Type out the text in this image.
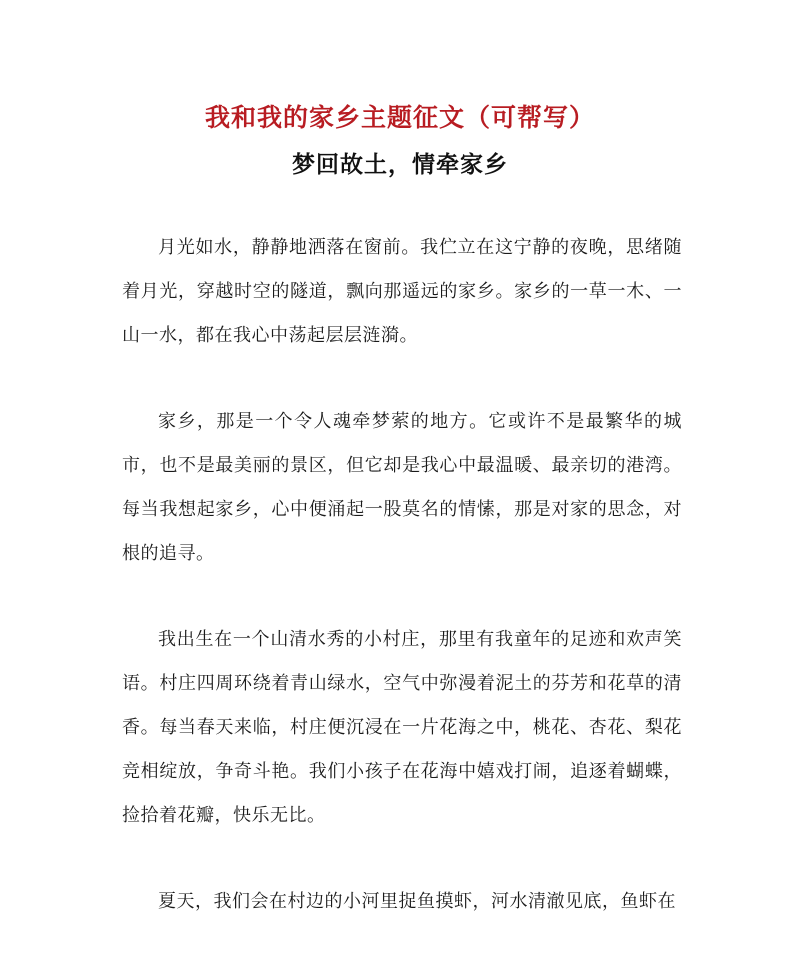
我和我的家乡主题征文（可帮写）
梦回故土，情牵家乡

月光如水，静静地洒落在窗前。我伫立在这宁静的夜晚，思绪随着月光，穿越时空的隧道，飘向那遥远的家乡。家乡的一草一木、一山一水，都在我心中荡起层层涟漪。

家乡，那是一个令人魂牵梦萦的地方。它或许不是最繁华的城市，也不是最美丽的景区，但它却是我心中最温暖、最亲切的港湾。每当我想起家乡，心中便涌起一股莫名的情愫，那是对家的思念，对根的追寻。

我出生在一个山清水秀的小村庄，那里有我童年的足迹和欢声笑语。村庄四周环绕着青山绿水，空气中弥漫着泥土的芬芳和花草的清香。每当春天来临，村庄便沉浸在一片花海之中，桃花、杏花、梨花竞相绽放，争奇斗艳。我们小孩子在花海中嬉戏打闹，追逐着蝴蝶，捡拾着花瓣，快乐无比。

夏天，我们会在村边的小河里捉鱼摸虾，河水清澈见底，鱼虾在
